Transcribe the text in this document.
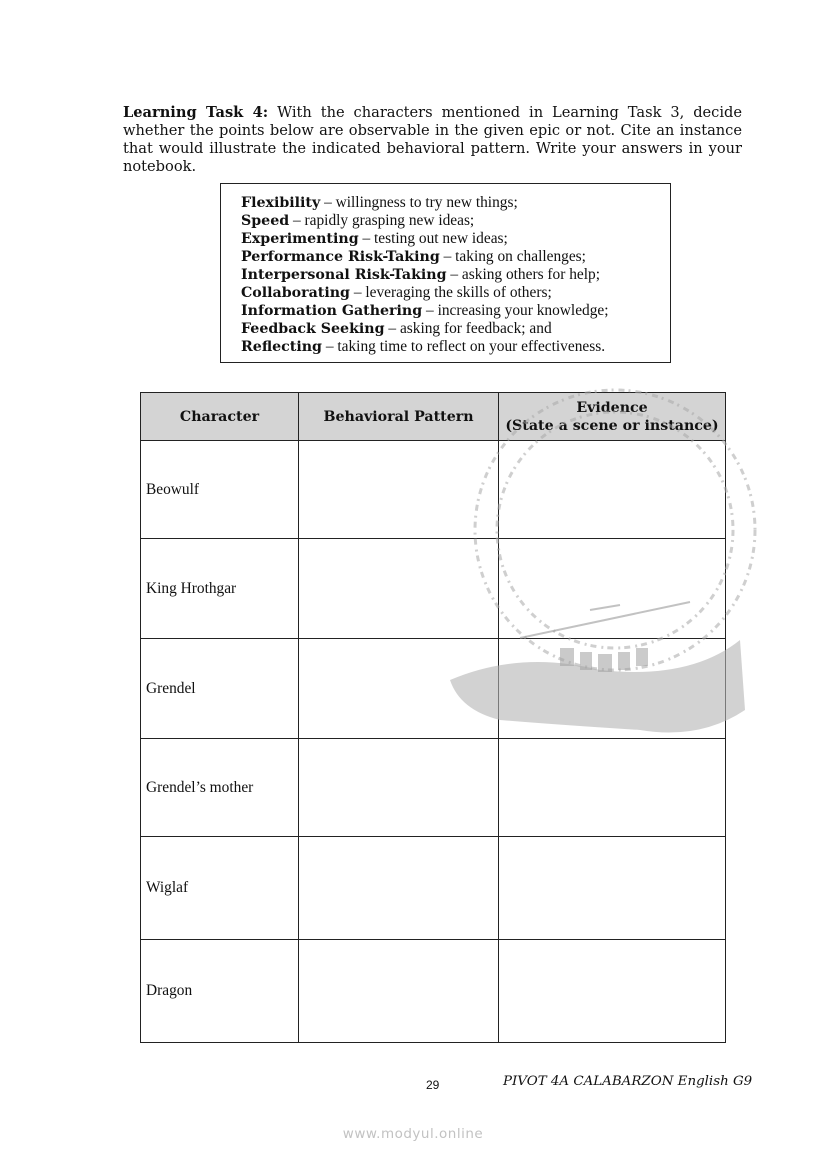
Learning Task 4: With the characters mentioned in Learning Task 3, decide whether the points below are observable in the given epic or not. Cite an instance that would illustrate the indicated behavioral pattern. Write your answers in your notebook.

Flexibility – willingness to try new things;
Speed – rapidly grasping new ideas;
Experimenting – testing out new ideas;
Performance Risk-Taking – taking on challenges;
Interpersonal Risk-Taking – asking others for help;
Collaborating – leveraging the skills of others;
Information Gathering – increasing your knowledge;
Feedback Seeking – asking for feedback; and
Reflecting – taking time to reflect on your effectiveness.
Character	Behavioral Pattern	Evidence
(State a scene or instance)
Beowulf		
King Hrothgar		
Grendel		
Grendel’s mother		
Wiglaf		
Dragon		
29	PIVOT 4A CALABARZON English G9
www.modyul.online
